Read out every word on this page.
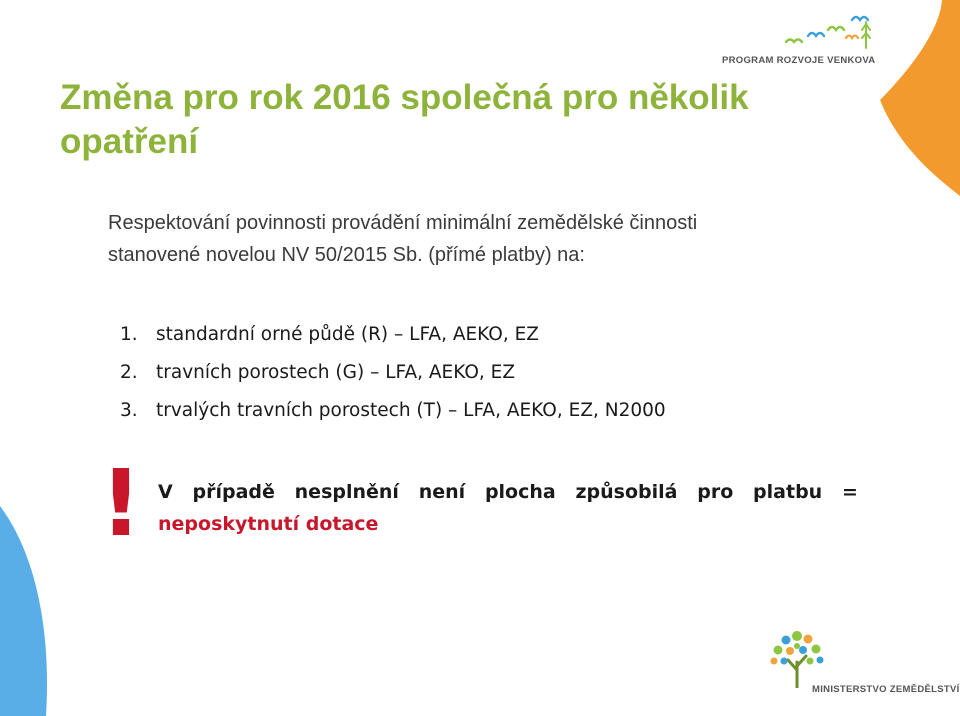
PROGRAM ROZVOJE VENKOVA
Změna pro rok 2016 společná pro několik
opatření

Respektování povinnosti provádění minimální zemědělské činnosti
stanovené novelou NV 50/2015 Sb. (přímé platby) na:

1. standardní orné půdě (R) – LFA, AEKO, EZ
2. travních porostech (G) – LFA, AEKO, EZ
3. trvalých travních porostech (T) – LFA, AEKO, EZ, N2000
! V případě nesplnění není plocha způsobilá pro platbu =
neposkytnutí dotace
MINISTERSTVO ZEMĚDĚLSTVÍ
